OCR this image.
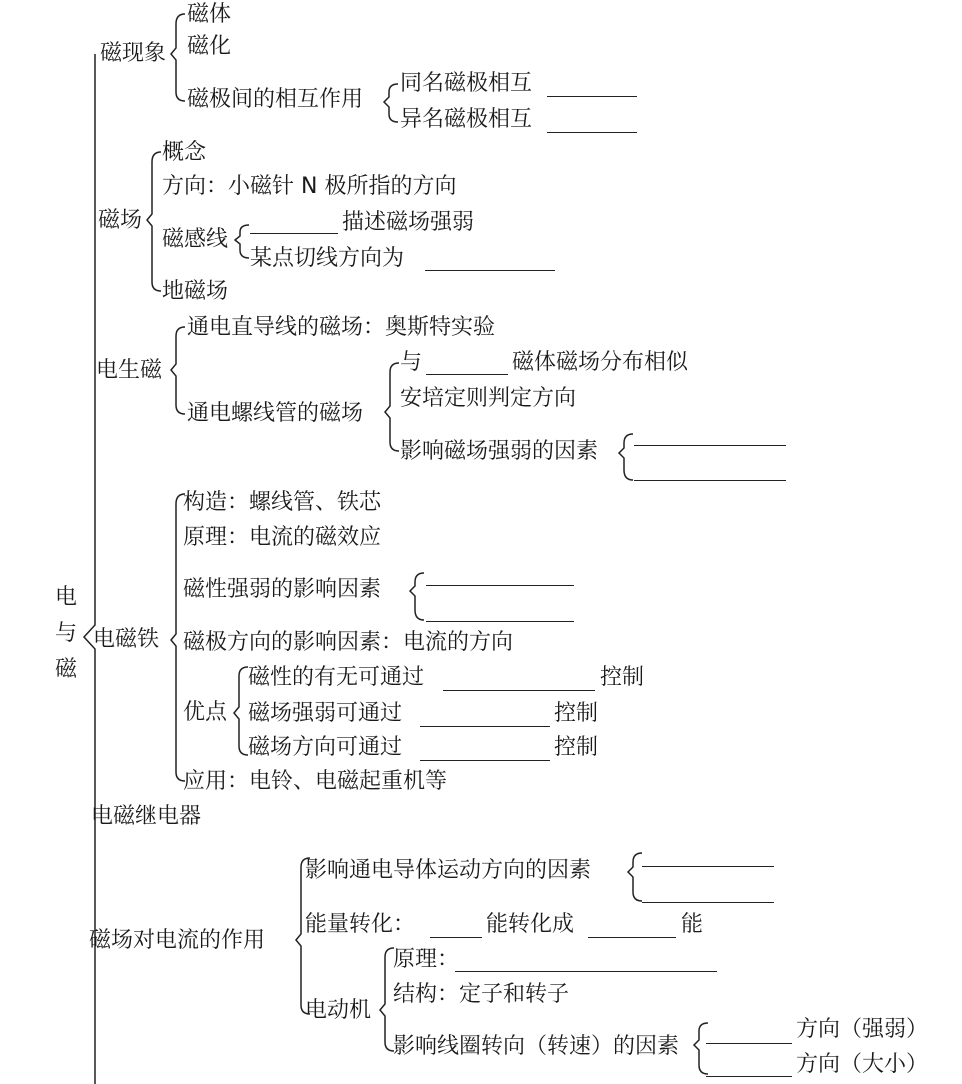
电
与
磁
磁现象
磁体
磁化
磁极间的相互作用
同名磁极相互
异名磁极相互
磁场
概念
方向：小磁针 N 极所指的方向
磁感线
描述磁场强弱
某点切线方向为
地磁场
电生磁
通电直导线的磁场：奥斯特实验
通电螺线管的磁场
与	磁体磁场分布相似
安培定则判定方向
影响磁场强弱的因素
电磁铁
构造：螺线管、铁芯
原理：电流的磁效应
磁性强弱的影响因素
磁极方向的影响因素：电流的方向
优点
磁性的有无可通过	控制
磁场强弱可通过	控制
磁场方向可通过	控制
应用：电铃、电磁起重机等
电磁继电器
磁场对电流的作用
影响通电导体运动方向的因素
能量转化：	能转化成	能
电动机
原理：
结构：定子和转子
影响线圈转向（转速）的因素
方向（强弱）
方向（大小）
